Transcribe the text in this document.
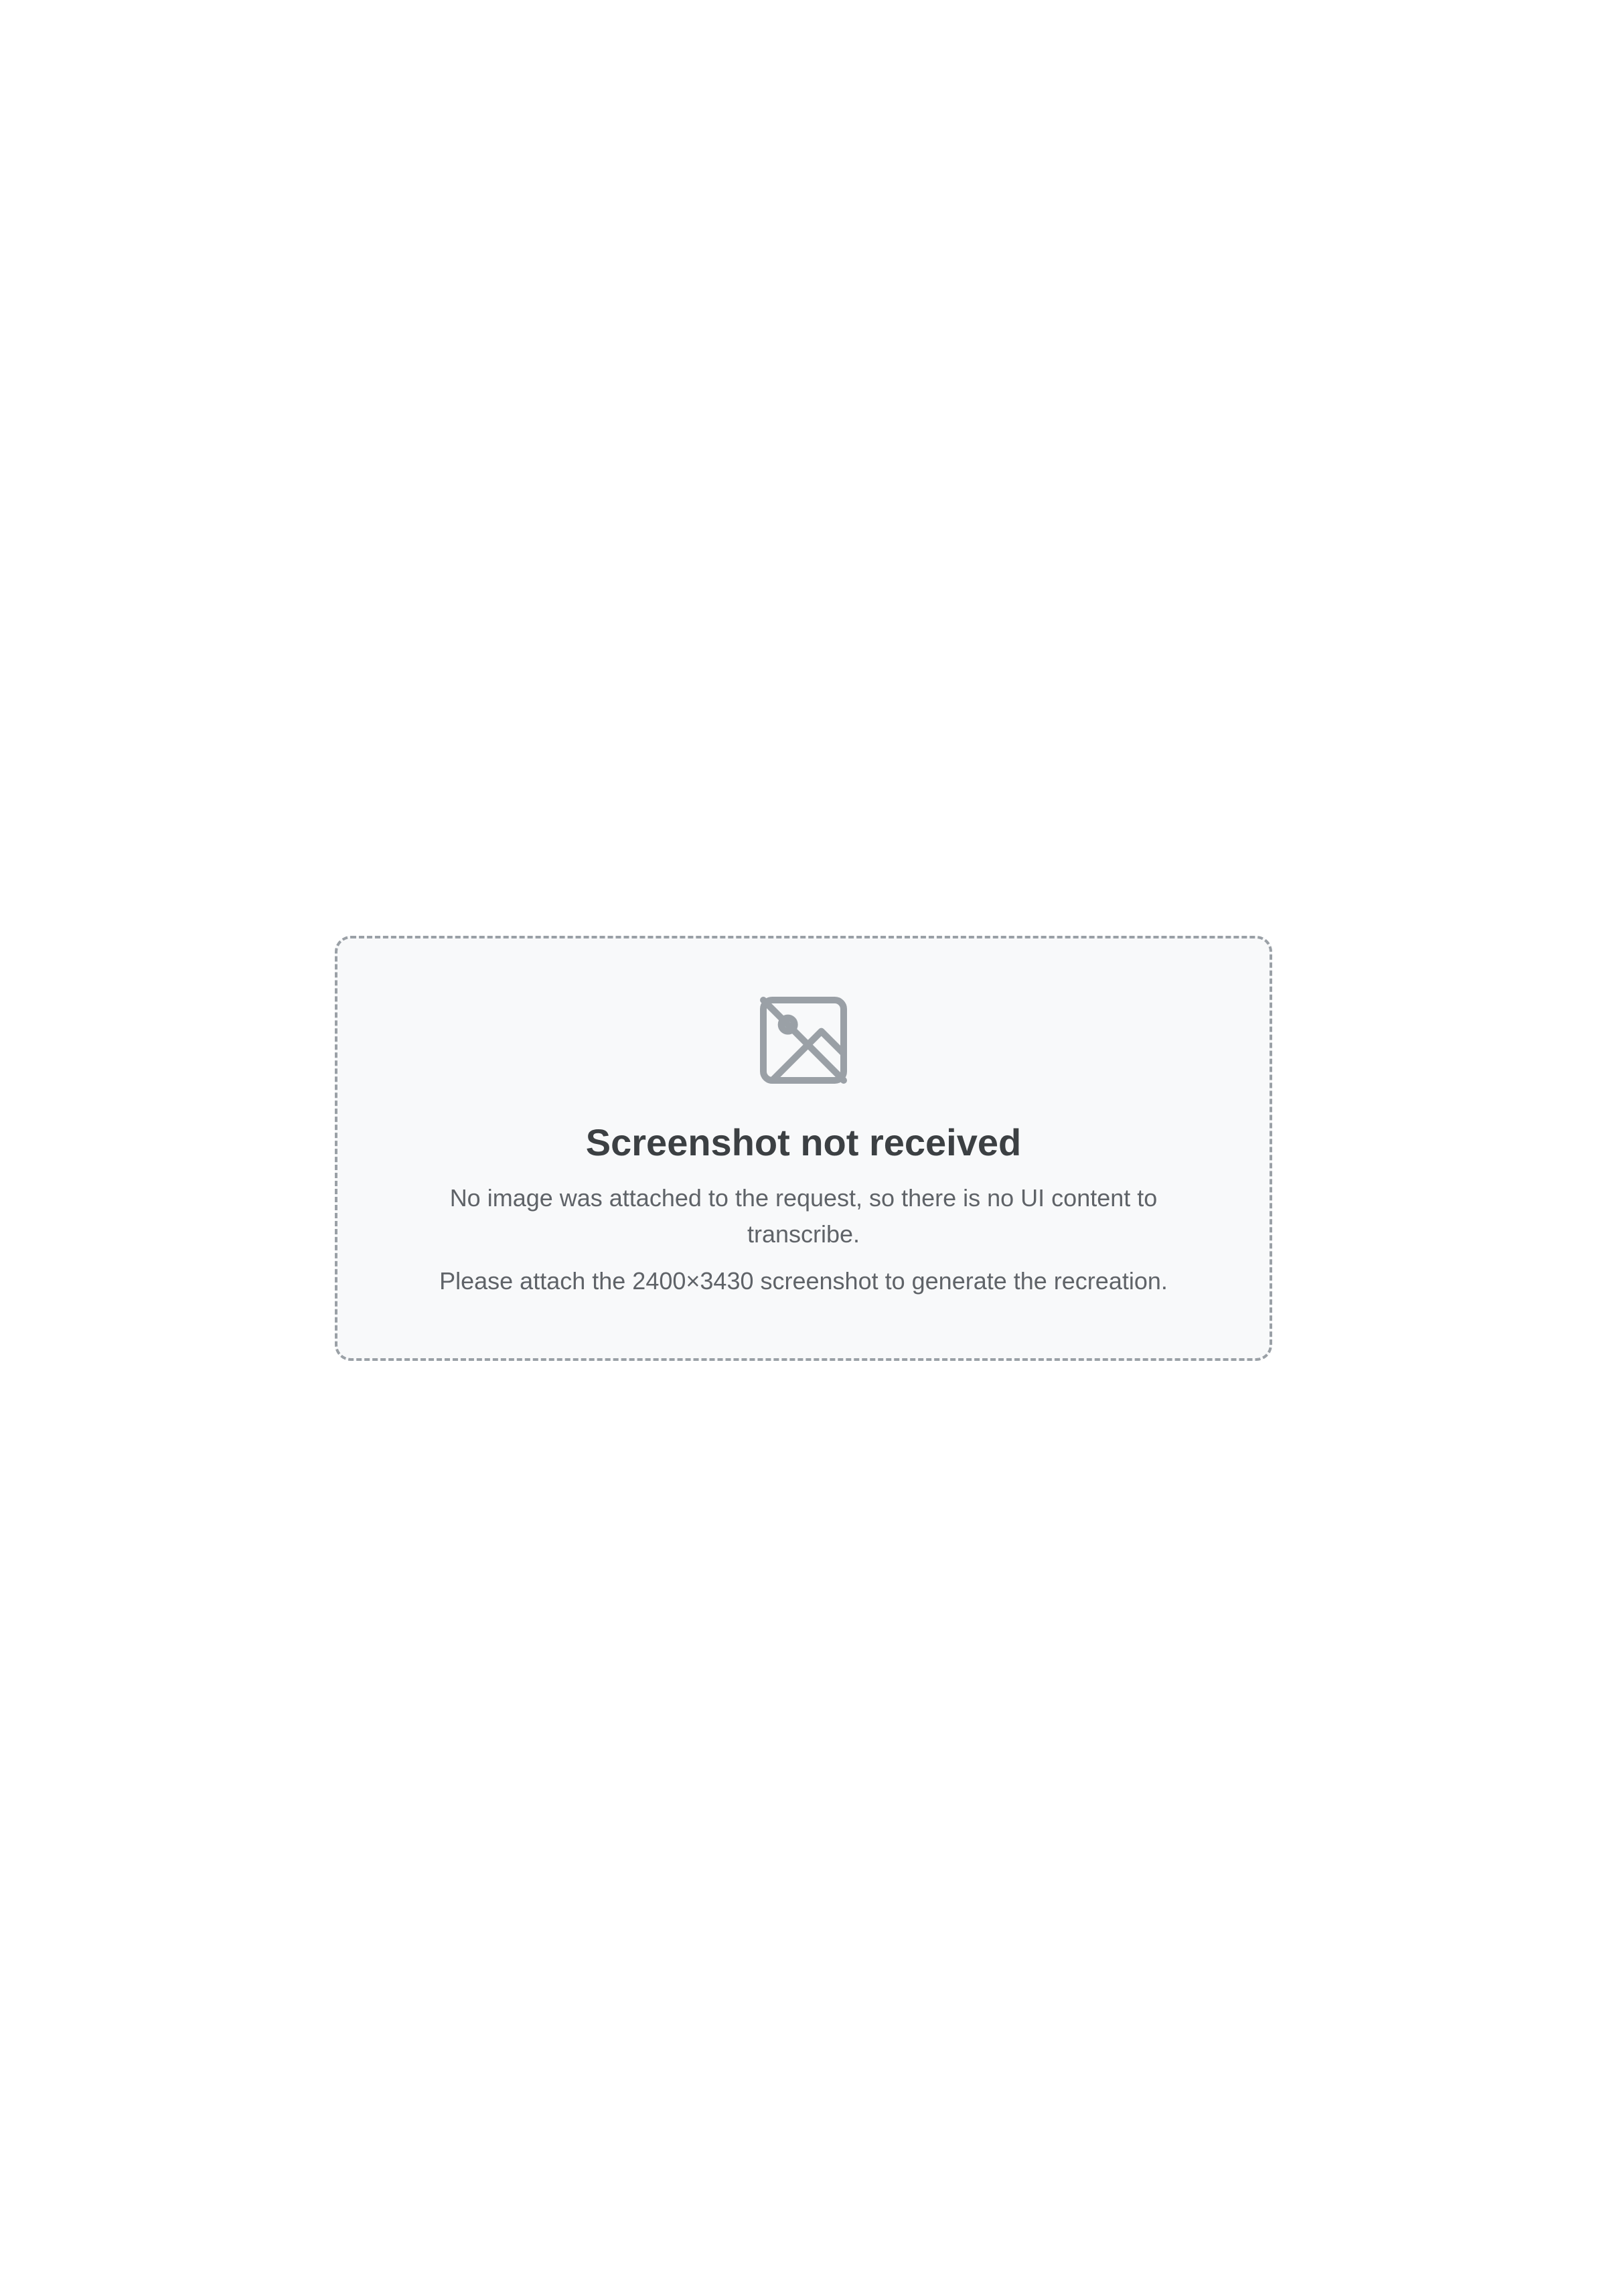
Screenshot not received

No image was attached to the request, so there is no UI content to transcribe.

Please attach the 2400×3430 screenshot to generate the recreation.
